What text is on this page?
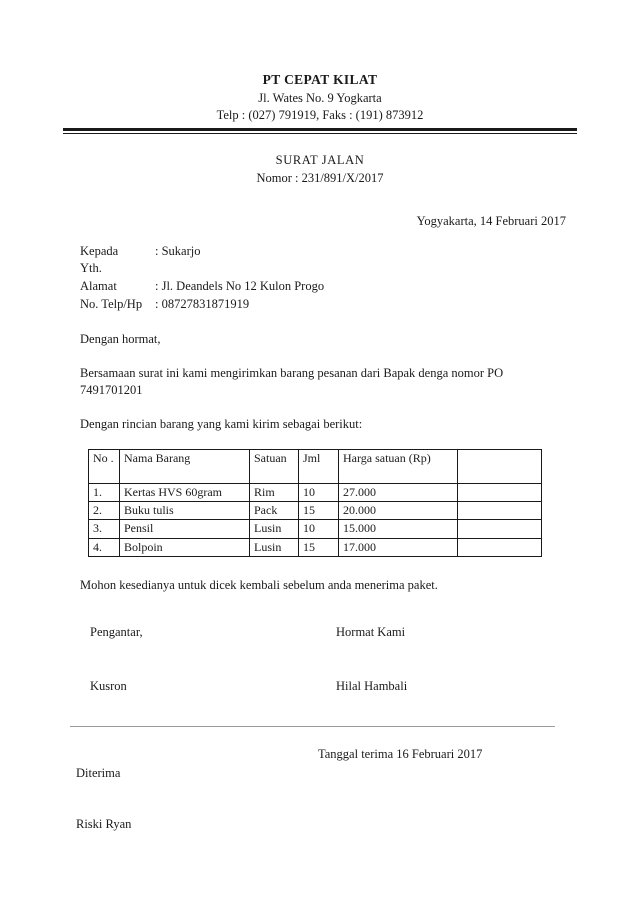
PT CEPAT KILAT
Jl. Wates No. 9 Yogkarta
Telp : (027) 791919, Faks : (191) 873912
SURAT JALAN
Nomor : 231/891/X/2017
Yogyakarta, 14 Februari 2017
Kepada	: Sukarjo
Yth.
Alamat	: Jl. Deandels No 12 Kulon Progo
No. Telp/Hp	: 08727831871919
Dengan hormat,
Bersamaan surat ini kami mengirimkan barang pesanan dari Bapak denga nomor PO 7491701201
Dengan rincian barang yang kami kirim sebagai berikut:
No .	Nama Barang	Satuan	Jml	Harga satuan (Rp)	
1.	Kertas HVS 60gram	Rim	10	27.000	
2.	Buku tulis	Pack	15	20.000	
3.	Pensil	Lusin	10	15.000	
4.	Bolpoin	Lusin	15	17.000	
Mohon kesedianya untuk dicek kembali sebelum anda menerima paket.
Pengantar,	Hormat Kami
Kusron	Hilal Hambali
Tanggal terima 16 Februari 2017
Diterima
Riski Ryan
